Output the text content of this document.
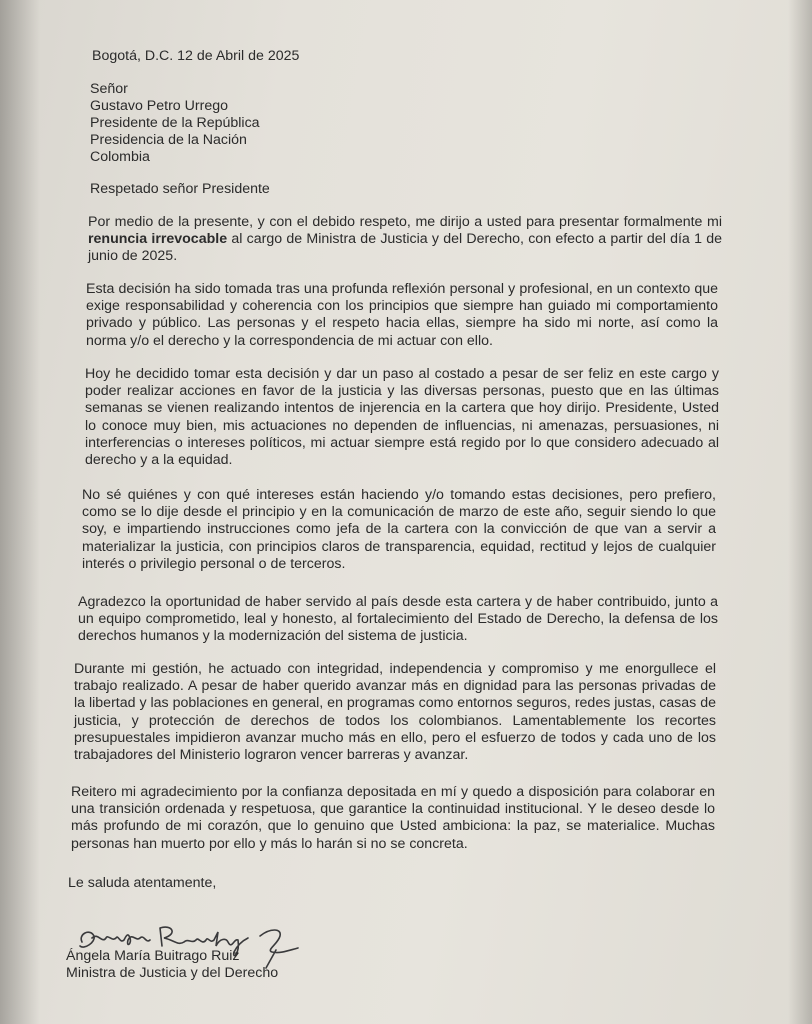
Bogotá, D.C. 12 de Abril de 2025
Señor
Gustavo Petro Urrego
Presidente de la República
Presidencia de la Nación
Colombia
Respetado señor Presidente
Por medio de la presente, y con el debido respeto, me dirijo a usted para presentar formalmente mi renuncia irrevocable al cargo de Ministra de Justicia y del Derecho, con efecto a partir del día 1 de junio de 2025.
Esta decisión ha sido tomada tras una profunda reflexión personal y profesional, en un contexto que exige responsabilidad y coherencia con los principios que siempre han guiado mi comportamiento privado y público. Las personas y el respeto hacia ellas, siempre ha sido mi norte, así como la norma y/o el derecho y la correspondencia de mi actuar con ello.
Hoy he decidido tomar esta decisión y dar un paso al costado a pesar de ser feliz en este cargo y poder realizar acciones en favor de la justicia y las diversas personas, puesto que en las últimas semanas se vienen realizando intentos de injerencia en la cartera que hoy dirijo. Presidente, Usted lo conoce muy bien, mis actuaciones no dependen de influencias, ni amenazas, persuasiones, ni interferencias o intereses políticos, mi actuar siempre está regido por lo que considero adecuado al derecho y a la equidad.
No sé quiénes y con qué intereses están haciendo y/o tomando estas decisiones, pero prefiero, como se lo dije desde el principio y en la comunicación de marzo de este año, seguir siendo lo que soy, e impartiendo instrucciones como jefa de la cartera con la convicción de que van a servir a materializar la justicia, con principios claros de transparencia, equidad, rectitud y lejos de cualquier interés o privilegio personal o de terceros.
Agradezco la oportunidad de haber servido al país desde esta cartera y de haber contribuido, junto a un equipo comprometido, leal y honesto, al fortalecimiento del Estado de Derecho, la defensa de los derechos humanos y la modernización del sistema de justicia.
Durante mi gestión, he actuado con integridad, independencia y compromiso y me enorgullece el trabajo realizado. A pesar de haber querido avanzar más en dignidad para las personas privadas de la libertad y las poblaciones en general, en programas como entornos seguros, redes justas, casas de justicia, y protección de derechos de todos los colombianos. Lamentablemente los recortes presupuestales impidieron avanzar mucho más en ello, pero el esfuerzo de todos y cada uno de los trabajadores del Ministerio lograron vencer barreras y avanzar.
Reitero mi agradecimiento por la confianza depositada en mí y quedo a disposición para colaborar en una transición ordenada y respetuosa, que garantice la continuidad institucional. Y le deseo desde lo más profundo de mi corazón, que lo genuino que Usted ambiciona: la paz, se materialice. Muchas personas han muerto por ello y más lo harán si no se concreta.
Le saluda atentamente,
Ángela María Buitrago Ruiz
Ministra de Justicia y del Derecho
